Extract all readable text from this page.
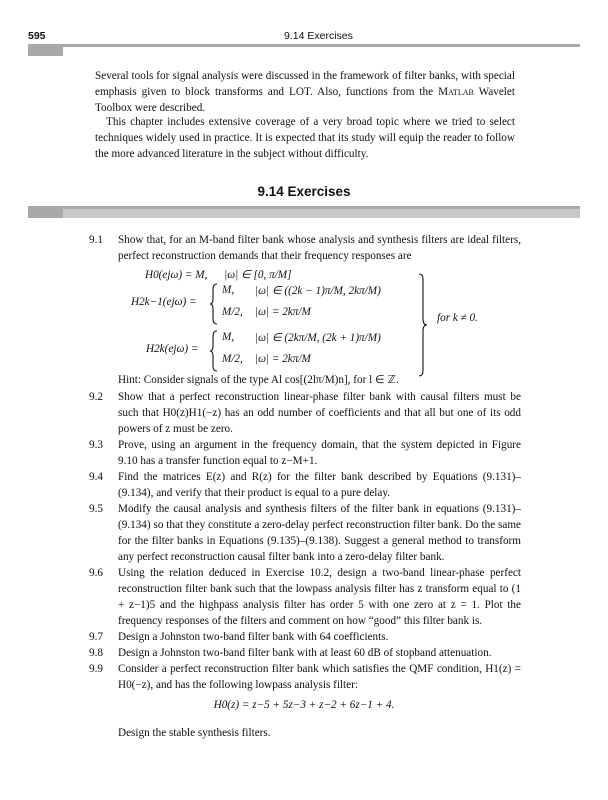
595	9.14 Exercises
Several tools for signal analysis were discussed in the framework of filter banks, with special emphasis given to block transforms and LOT. Also, functions from the Matlab Wavelet Toolbox were described.
This chapter includes extensive coverage of a very broad topic where we tried to select techniques widely used in practice. It is expected that its study will equip the reader to follow the more advanced literature in the subject without difficulty.
9.14 Exercises
9.1 Show that, for an M-band filter bank whose analysis and synthesis filters are ideal filters, perfect reconstruction demands that their frequency responses are
H0(ejω) = M, |ω| ∈ [0, π/M]
H2k−1(ejω) =
M, |ω| ∈ ((2k − 1)π/M, 2kπ/M)
M/2, |ω| = 2kπ/M
H2k(ejω) =
M, |ω| ∈ (2kπ/M, (2k + 1)π/M)
M/2, |ω| = 2kπ/M
for k ≠ 0.
Hint: Consider signals of the type Al cos[(2lπ/M)n], for l ∈ ℤ.
9.2 Show that a perfect reconstruction linear-phase filter bank with causal filters must be such that H0(z)H1(−z) has an odd number of coefficients and that all but one of its odd powers of z must be zero.
9.3 Prove, using an argument in the frequency domain, that the system depicted in Figure 9.10 has a transfer function equal to z−M+1.
9.4 Find the matrices E(z) and R(z) for the filter bank described by Equations (9.131)–(9.134), and verify that their product is equal to a pure delay.
9.5 Modify the causal analysis and synthesis filters of the filter bank in equations (9.131)–(9.134) so that they constitute a zero-delay perfect reconstruction filter bank. Do the same for the filter banks in Equations (9.135)–(9.138). Suggest a general method to transform any perfect reconstruction causal filter bank into a zero-delay filter bank.
9.6 Using the relation deduced in Exercise 10.2, design a two-band linear-phase perfect reconstruction filter bank such that the lowpass analysis filter has z transform equal to (1 + z−1)5 and the highpass analysis filter has order 5 with one zero at z = 1. Plot the frequency responses of the filters and comment on how “good” this filter bank is.
9.7 Design a Johnston two-band filter bank with 64 coefficients.
9.8 Design a Johnston two-band filter bank with at least 60 dB of stopband attenuation.
9.9 Consider a perfect reconstruction filter bank which satisfies the QMF condition, H1(z) = H0(−z), and has the following lowpass analysis filter:
H0(z) = z−5 + 5z−3 + z−2 + 6z−1 + 4.
Design the stable synthesis filters.
